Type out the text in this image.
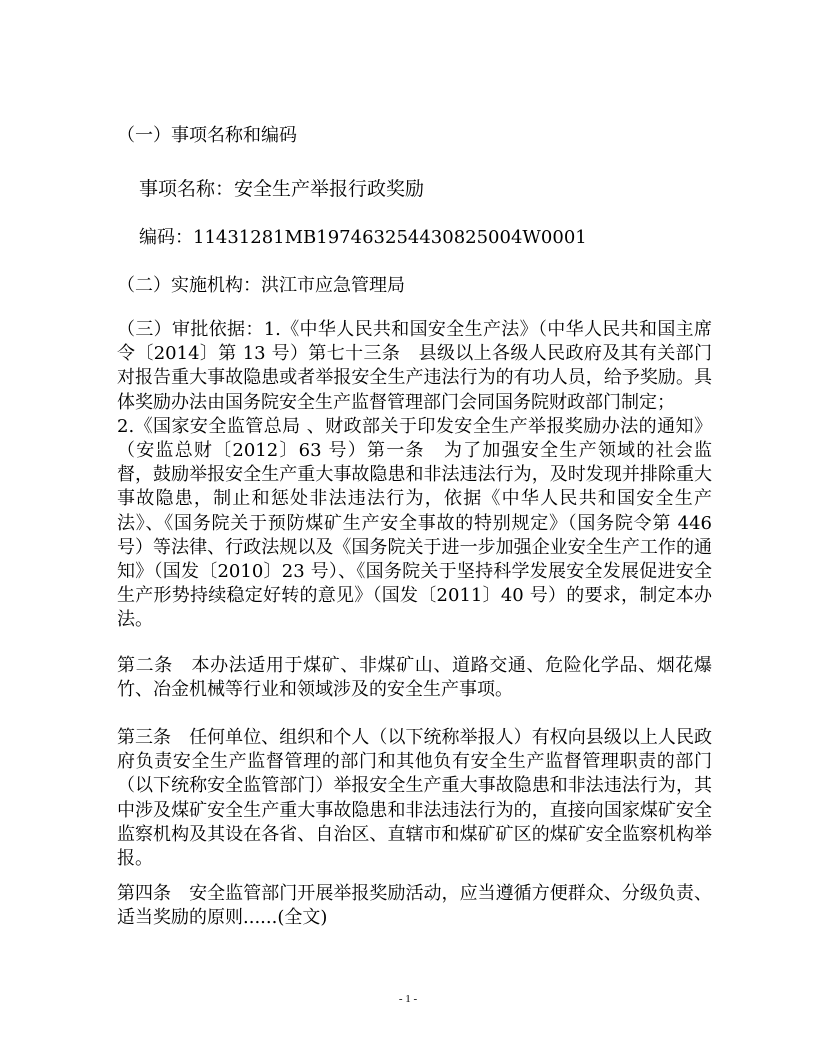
（一）事项名称和编码
事项名称：安全生产举报行政奖励
编码：11431281MB197463254430825004W0001
（二）实施机构：洪江市应急管理局
（三）审批依据：1.《中华人民共和国安全生产法》（中华人民共和国主席令〔2014〕第 13 号）第七十三条　县级以上各级人民政府及其有关部门对报告重大事故隐患或者举报安全生产违法行为的有功人员，给予奖励。具体奖励办法由国务院安全生产监督管理部门会同国务院财政部门制定；
2.《国家安全监管总局 、财政部关于印发安全生产举报奖励办法的通知》（安监总财〔2012〕63 号）第一条　为了加强安全生产领域的社会监督，鼓励举报安全生产重大事故隐患和非法违法行为，及时发现并排除重大事故隐患，制止和惩处非法违法行为，依据《中华人民共和国安全生产法》、《国务院关于预防煤矿生产安全事故的特别规定》（国务院令第 446 号）等法律、行政法规以及《国务院关于进一步加强企业安全生产工作的通知》（国发〔2010〕23 号）、《国务院关于坚持科学发展安全发展促进安全生产形势持续稳定好转的意见》（国发〔2011〕40 号）的要求，制定本办法。
第二条　本办法适用于煤矿、非煤矿山、道路交通、危险化学品、烟花爆竹、冶金机械等行业和领域涉及的安全生产事项。
第三条　任何单位、组织和个人（以下统称举报人）有权向县级以上人民政府负责安全生产监督管理的部门和其他负有安全生产监督管理职责的部门（以下统称安全监管部门）举报安全生产重大事故隐患和非法违法行为，其中涉及煤矿安全生产重大事故隐患和非法违法行为的，直接向国家煤矿安全监察机构及其设在各省、自治区、直辖市和煤矿矿区的煤矿安全监察机构举报。
第四条　安全监管部门开展举报奖励活动，应当遵循方便群众、分级负责、适当奖励的原则......(全文)
- 1 -
